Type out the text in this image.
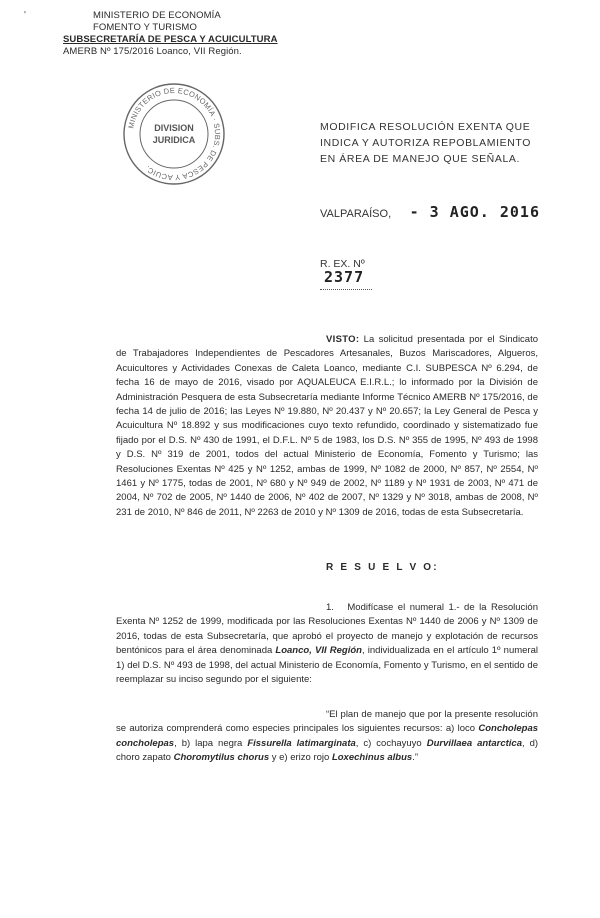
'	MINISTERIO DE ECONOMÍA
FOMENTO Y TURISMO
SUBSECRETARÍA DE PESCA Y ACUICULTURA
AMERB Nº 175/2016 Loanco, VII Región.
MINISTERIO DE ECONOMÍA · SUBS. DE PESCA Y ACUIC.
DIVISION
JURIDICA
MODIFICA RESOLUCIÓN EXENTA QUE INDICA Y AUTORIZA REPOBLAMIENTO EN ÁREA DE MANEJO QUE SEÑALA.
VALPARAÍSO, - 3 AGO. 2016
R. EX. Nº
2377
VISTO: La solicitud presentada por el Sindicato de Trabajadores Independientes de Pescadores Artesanales, Buzos Mariscadores, Algueros, Acuicultores y Actividades Conexas de Caleta Loanco, mediante C.I. SUBPESCA Nº 6.294, de fecha 16 de mayo de 2016, visado por AQUALEUCA E.I.R.L.; lo informado por la División de Administración Pesquera de esta Subsecretaría mediante Informe Técnico AMERB Nº 175/2016, de fecha 14 de julio de 2016; las Leyes Nº 19.880, Nº 20.437 y Nº 20.657; la Ley General de Pesca y Acuicultura Nº 18.892 y sus modificaciones cuyo texto refundido, coordinado y sistematizado fue fijado por el D.S. Nº 430 de 1991, el D.F.L. Nº 5 de 1983, los D.S. Nº 355 de 1995, Nº 493 de 1998 y D.S. Nº 319 de 2001, todos del actual Ministerio de Economía, Fomento y Turismo; las Resoluciones Exentas Nº 425 y Nº 1252, ambas de 1999, Nº 1082 de 2000, Nº 857, Nº 2554, Nº 1461 y Nº 1775, todas de 2001, Nº 680 y Nº 949 de 2002, Nº 1189 y Nº 1931 de 2003, Nº 471 de 2004, Nº 702 de 2005, Nº 1440 de 2006, Nº 402 de 2007, Nº 1329 y Nº 3018, ambas de 2008, Nº 231 de 2010, Nº 846 de 2011, Nº 2263 de 2010 y Nº 1309 de 2016, todas de esta Subsecretaría.
R E S U E L V O:
1. Modifícase el numeral 1.- de la Resolución Exenta Nº 1252 de 1999, modificada por las Resoluciones Exentas Nº 1440 de 2006 y Nº 1309 de 2016, todas de esta Subsecretaría, que aprobó el proyecto de manejo y explotación de recursos bentónicos para el área denominada Loanco, VII Región, individualizada en el artículo 1º numeral 1) del D.S. Nº 493 de 1998, del actual Ministerio de Economía, Fomento y Turismo, en el sentido de reemplazar su inciso segundo por el siguiente:
“El plan de manejo que por la presente resolución se autoriza comprenderá como especies principales los siguientes recursos: a) loco Concholepas concholepas, b) lapa negra Fissurella latimarginata, c) cochayuyo Durvillaea antarctica, d) choro zapato Choromytilus chorus y e) erizo rojo Loxechinus albus.”
